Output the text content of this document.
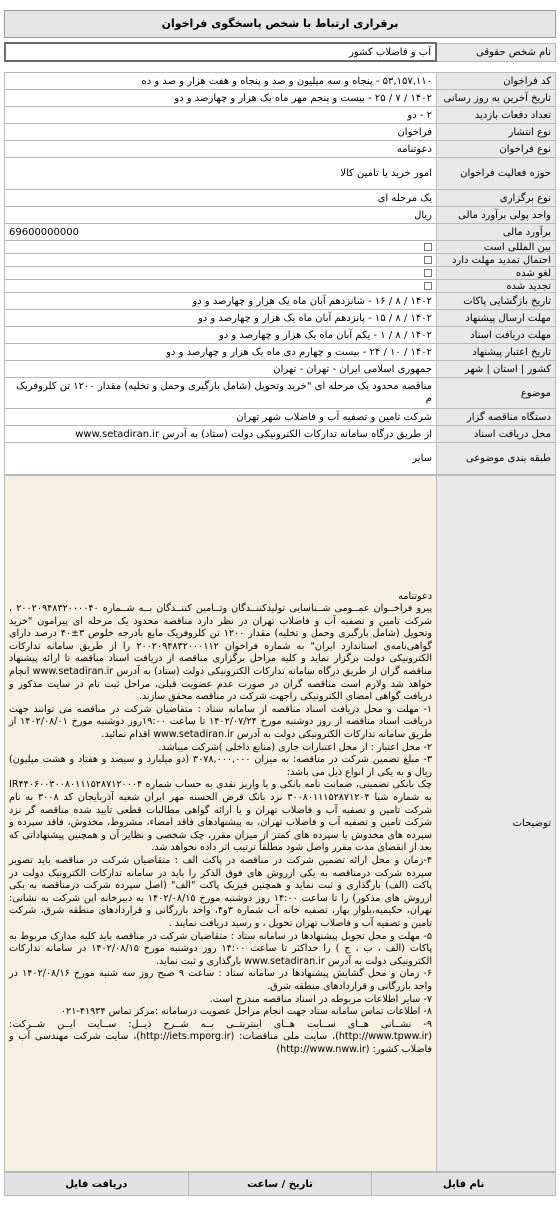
برقراری ارتباط با شخص پاسخگوی فراخوان
نام شخص حقوقی	آب و فاضلاب کشور
کد فراخوان	۵۳,۱۵۷,۱۱۰ - پنجاه و سه میلیون و صد و پنجاه و هفت هزار و صد و ده
تاریخ آخرین به روز رسانی	۱۴۰۲ / ۷ / ۲۵ - بیست و پنجم مهر ماه یک هزار و چهارصد و دو
تعداد دفعات بازدید	۲ - دو
نوع انتشار	فراخوان
نوع فراخوان	دعوتنامه
حوزه فعالیت فراخوان	امور خرید یا تامین کالا
نوع برگزاری	یک مرحله ای
واحد پولی برآورد مالی	ریال
برآورد مالی	69600000000
بین المللی است	
احتمال تمدید مهلت دارد	
لغو شده	
تجدید شده	
تاریخ بازگشایی پاکات	۱۴۰۲ / ۸ / ۱۶ - شانزدهم آبان ماه یک هزار و چهارصد و دو
مهلت ارسال پیشنهاد	۱۴۰۲ / ۸ / ۱۵ - پانزدهم آبان ماه یک هزار و چهارصد و دو
مهلت دریافت اسناد	۱۴۰۲ / ۸ / ۱ - یکم آبان ماه یک هزار و چهارصد و دو
تاریخ اعتبار پیشنهاد	۱۴۰۲ / ۱۰ / ۲۴ - بیست و چهارم دی ماه یک هزار و چهارصد و دو
کشور | استان | شهر	جمهوری اسلامی ایران - تهران - تهران
موضوع	مناقصه محدود یک مرحله ای "خرید وتحویل (شامل بارگیری وحمل و تخلیه) مقدار ۱۲۰۰ تن کلروفریک م
دستگاه مناقصه گزار	شرکت تامین و تصفیه آب و فاضلاب شهر تهران
محل دریافت اسناد	از طریق درگاه سامانه تدارکات الکترونیکی دولت (ستاد) به آدرس www.setadiran.ir
طبقه بندی موضوعی	سایر
توضیحات	

دعوتنامه

پیرو فراخــوان عمــومی شــناسایی تولیدکننــدگان وتــامین کننــدگان بــه شــماره ۲۰۰۲۰۹۴۸۳۲۰۰۰۰۴۰ ، شرکت تامین و تصفیه آب و فاضلاب تهران در نظر دارد مناقصه محدود یک مرحله ای پیرامون "خرید وتحویل (شامل بارگیری وحمل و تخلیه) مقدار ۱۲۰۰ تن کلروفریک مایع بادرجه خلوص ۳±۴۰ درصد دارای گواهی‌نامه‌ی استاندارد ایران" به شماره فراخوان ۲۰۰۲۰۹۴۸۳۲۰۰۰۱۱۲ را از طریق سامانه تدارکات الکترونیکی دولت برگزار نماید و کلیه مراحل برگزاری مناقصه از دریافت اسناد مناقصه تا ارائه پیشنهاد مناقصه گران از طریق درگاه سامانه تدارکات الکترونیکی دولت (ستاد) به آدرس www.setadiran.ir انجام خواهد شد ولازم است مناقصه گران در صورت عدم عضویت قبلی، مراحل ثبت نام در سایت مذکور و دریافت گواهی امضای الکترونیکی راجهت شرکت در مناقصه محقق سازند.

۱- مهلت و محل دریافت اسناد مناقصه از سامانه ستاد : متقاضیان شرکت در مناقصه می توانند جهت دریافت اسناد مناقصه از روز دوشنبه مورخ ۱۴۰۲/۰۷/۲۴ تا ساعت ۱۹:۰۰روز دوشنبه مورخ ۱۴۰۲/۰۸/۰۱ از طریق سامانه تدارکات الکترونیکی دولت به آدرس www.setadiran.ir اقدام نمائید.

۲- محل اعتبار : از محل اعتبارات جاری (منابع داخلی )شرکت میباشد.

۳- مبلغ تضمین شرکت در مناقصه: به میزان ۳۰۷۸,۰۰۰,۰۰۰ (دو میلیارد و سیصد و هفتاد و هشت میلیون) ریال و به یکی از انواع ذیل می باشد:

چک بانکی تضمینی، ضمانت نامه بانکی و یا واریز نقدی به حساب شماره IR۴۴۰۶۰۰۳۰۰۸۰۱۱۱۵۲۸۷۱۲۰۰۰۴ به شماره شبا ۳۰۰۸۰۱۱۱۵۲۸۷۱۲۰۴ نزد بانک قرض الحسنه مهر ایران شعبه آذربایجان کد ۳۰۰۸ به نام شرکت تامین و تصفیه آب و فاضلاب تهران و یا ارائه گواهی مطالبات قطعی تایید شده مناقصه گر نزد شرکت تامین و تصفیه آب و فاضلاب تهران، به پیشنهادهای فاقد امضاء، مشروط، مخدوش، فاقد سپرده و سپرده های مخدوش یا سپرده های کمتر از میزان مقرر، چک شخصی و نظایر آن و همچنین پیشنهاداتی که بعد از انقضای مدت مقرر واصل شود مطلقاً ترتیب اثر داده نخواهد شد.

۴-زمان و محل ارائه تضمین شرکت در مناقصه در پاکت الف : متقاضیان شرکت در مناقصه باید تصویر سپرده شرکت درمناقصه به یکی ازروش های فوق الذکر را باید در سامانه تدارکات الکترونیک دولت در پاکت (الف) بارگذاری و ثبت نماید و همچنین فیزیک پاکت "الف" (اصل سپرده شرکت درمناقصه به یکی ازروش های مذکور) را تا ساعت ۱۴:۰۰ روز دوشنبه مورخ ۱۴۰۲/۰۸/۱۵ به دبیرخانه این شرکت به نشانی: تهران، حکیمیه،بلوار بهار، تصفیه خانه آب شماره ۳و۴، واحد بازرگانی و قراردادهای منطقه شرق، شرکت تامین و تصفیه آب و فاضلاب تهران تحویل ، و رسید دریافت نمایند .

۵- مهلت و محل تحویل پیشنهادها در سامانه ستاد : متقاضیان شرکت در مناقصه باید کلیه مدارک مربوط به پاکات (الف ، ب ، ج ) را حداکثر تا ساعت ۱۴:۰۰ روز دوشنبه مورخ ۱۴۰۲/۰۸/۱۵ در سامانه تدارکات الکترونیکی دولت به آدرس www.setadiran.ir بارگذاری و ثبت نماید.

۶- زمان و محل گشایش پیشنهادها در سامانه ستاد : ساعت ۹ صبح روز سه شنبه مورخ ۱۴۰۲/۰۸/۱۶ در واحد بازرگانی و قراردادهای منطقه شرق.

۷- سایر اطلاعات مربوطه در اسناد مناقصه مندرج است.

۸- اطلاعات تماس سامانه ستاد جهت انجام مراحل عضویت درسامانه :مرکز تماس ۴۱۹۳۴-۰۲۱

۹- نشــانی هــای ســایت هــای اینترنتــی بــه شــرح ذیــل: ســایت ایــن شــرکت: (http://www.tpww.ir)، سایت ملی مناقصات: (http://iets.mporg.ir)، سایت شرکت مهندسی آب و فاضلاب کشور: (http://www.nww.ir)

نام فایل	تاریخ / ساعت	دریافت فایل
